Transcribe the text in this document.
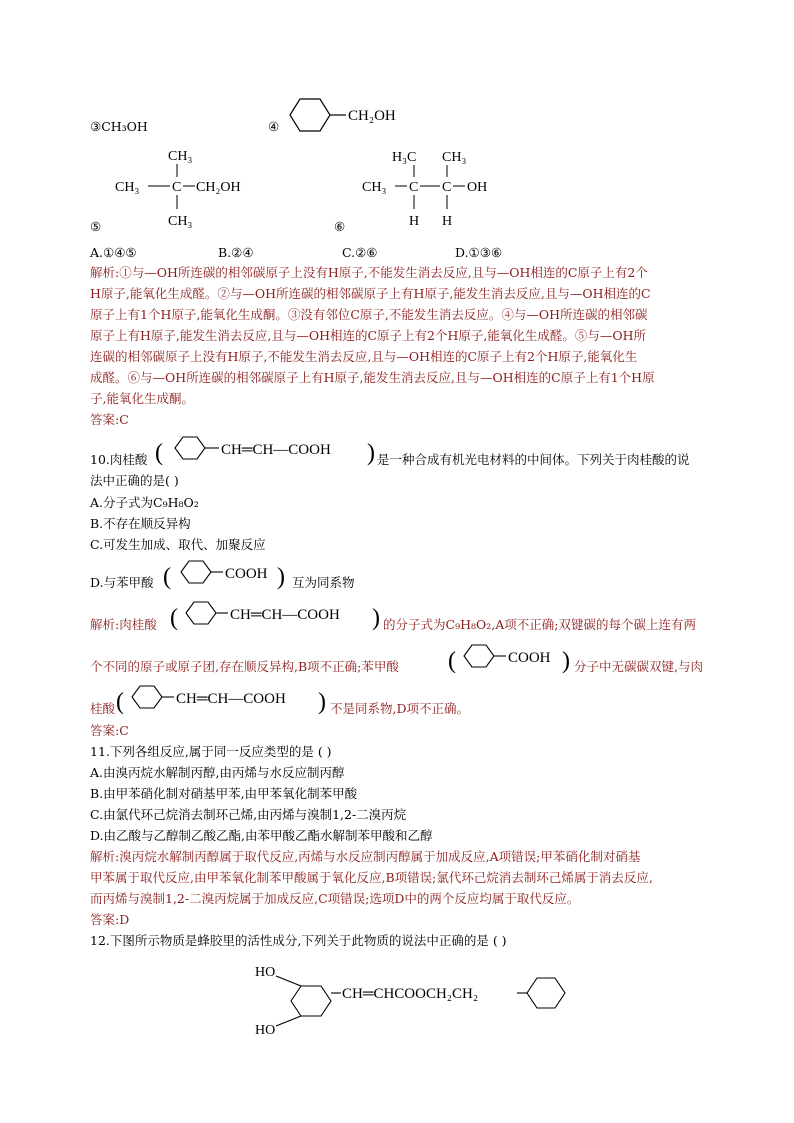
③CH₃OH	④
CH₂OH
CH₃
CH₃ C CH₂OH
CH₃
⑤
H₃C CH₃
CH₃ C C OH
H H
⑥
A.①④⑤	B.②④	C.②⑥	D.①③⑥
解析:①与—OH所连碳的相邻碳原子上没有H原子,不能发生消去反应,且与—OH相连的C原子上有2个
H原子,能氧化生成醛。②与—OH所连碳的相邻碳原子上有H原子,能发生消去反应,且与—OH相连的C
原子上有1个H原子,能氧化生成酮。③没有邻位C原子,不能发生消去反应。④与—OH所连碳的相邻碳
原子上有H原子,能发生消去反应,且与—OH相连的C原子上有2个H原子,能氧化生成醛。⑤与—OH所
连碳的相邻碳原子上没有H原子,不能发生消去反应,且与—OH相连的C原子上有2个H原子,能氧化生
成醛。⑥与—OH所连碳的相邻碳原子上有H原子,能发生消去反应,且与—OH相连的C原子上有1个H原
子,能氧化生成酮。
答案:C
10.肉桂酸 (	CH═CH—COOH ) 是一种合成有机光电材料的中间体。下列关于肉桂酸的说
法中正确的是( )
A.分子式为C₉H₈O₂
B.不存在顺反异构
C.可发生加成、取代、加聚反应
D.与苯甲酸 (	COOH ) 互为同系物
解析:肉桂酸 (	CH═CH—COOH ) 的分子式为C₉H₈O₂,A项不正确;双键碳的每个碳上连有两
个不同的原子或原子团,存在顺反异构,B项不正确;苯甲酸 (	COOH ) 分子中无碳碳双键,与肉
桂酸 (	CH═CH—COOH ) 不是同系物,D项不正确。
答案:C
11.下列各组反应,属于同一反应类型的是 ( )
A.由溴丙烷水解制丙醇,由丙烯与水反应制丙醇
B.由甲苯硝化制对硝基甲苯,由甲苯氧化制苯甲酸
C.由氯代环己烷消去制环己烯,由丙烯与溴制1,2-二溴丙烷
D.由乙酸与乙醇制乙酸乙酯,由苯甲酸乙酯水解制苯甲酸和乙醇
解析:溴丙烷水解制丙醇属于取代反应,丙烯与水反应制丙醇属于加成反应,A项错误;甲苯硝化制对硝基
甲苯属于取代反应,由甲苯氧化制苯甲酸属于氧化反应,B项错误;氯代环己烷消去制环己烯属于消去反应,
而丙烯与溴制1,2-二溴丙烷属于加成反应,C项错误;选项D中的两个反应均属于取代反应。
答案:D
12.下图所示物质是蜂胶里的活性成分,下列关于此物质的说法中正确的是 ( )
HO
HO
CH═CHCOOCH₂CH₂
